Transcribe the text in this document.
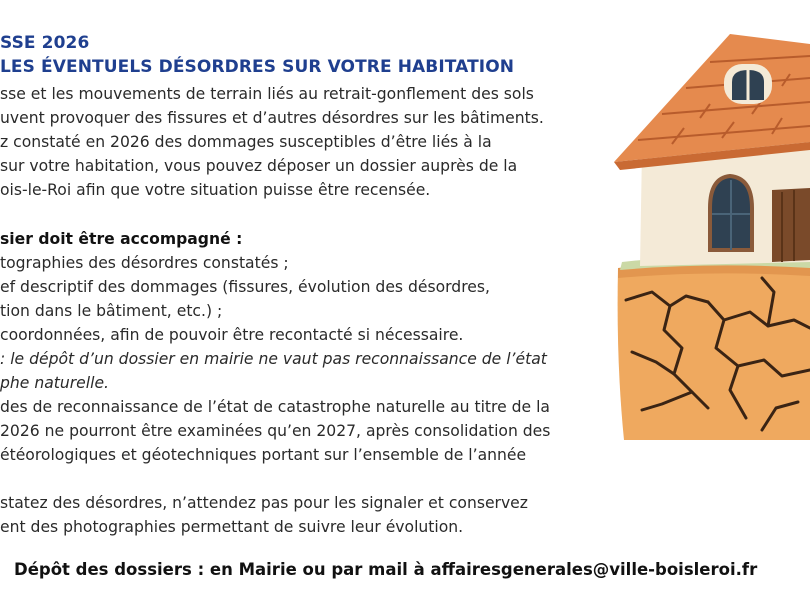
SSE 2026
LES ÉVENTUELS DÉSORDRES SUR VOTRE HABITATION
sse et les mouvements de terrain liés au retrait-gonflement des sols
uvent provoquer des fissures et d’autres désordres sur les bâtiments.
z constaté en 2026 des dommages susceptibles d’être liés à la
sur votre habitation, vous pouvez déposer un dossier auprès de la
ois-le-Roi afin que votre situation puisse être recensée.
sier doit être accompagné :
tographies des désordres constatés ;
ef descriptif des dommages (fissures, évolution des désordres,
tion dans le bâtiment, etc.) ;
coordonnées, afin de pouvoir être recontacté si nécessaire.
: le dépôt d’un dossier en mairie ne vaut pas reconnaissance de l’état
phe naturelle.
des de reconnaissance de l’état de catastrophe naturelle au titre de la
2026 ne pourront être examinées qu’en 2027, après consolidation des
étéorologiques et géotechniques portant sur l’ensemble de l’année
statez des désordres, n’attendez pas pour les signaler et conservez
ent des photographies permettant de suivre leur évolution.
Dépôt des dossiers : en Mairie ou par mail à affairesgenerales@ville-boisleroi.fr
